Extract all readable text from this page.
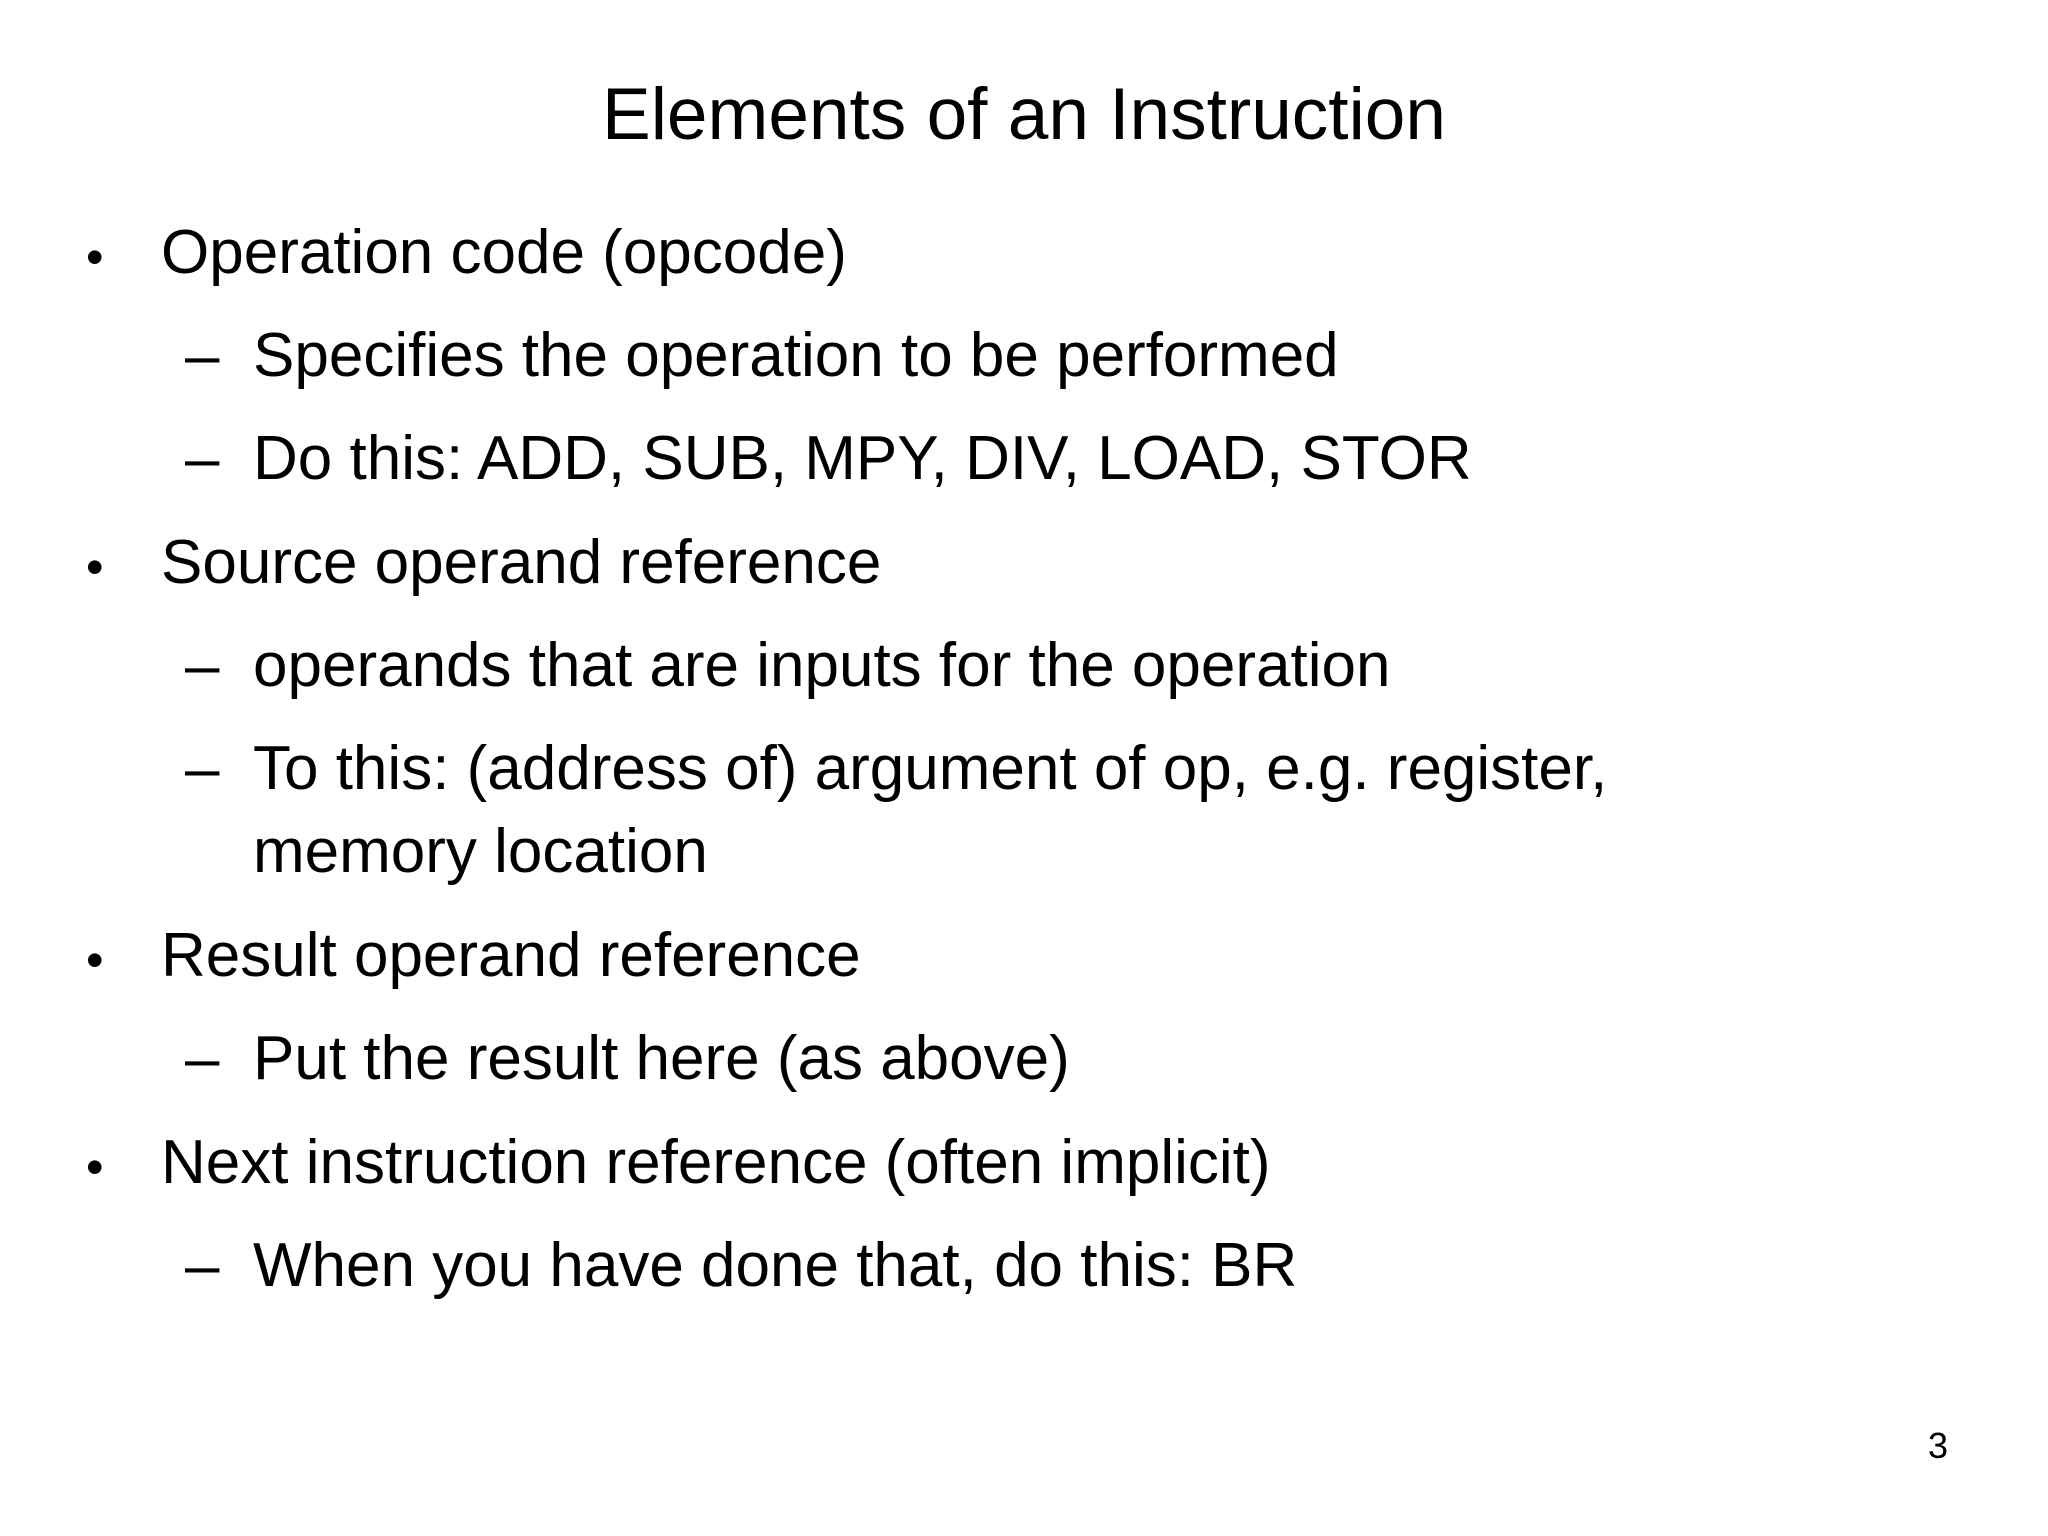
Elements of an Instruction
• Operation code (opcode)
– Specifies the operation to be performed
– Do this: ADD, SUB, MPY, DIV, LOAD, STOR
• Source operand reference
– operands that are inputs for the operation
– To this: (address of) argument of op, e.g. register,
memory location
• Result operand reference
– Put the result here (as above)
• Next instruction reference (often implicit)
– When you have done that, do this: BR
3
